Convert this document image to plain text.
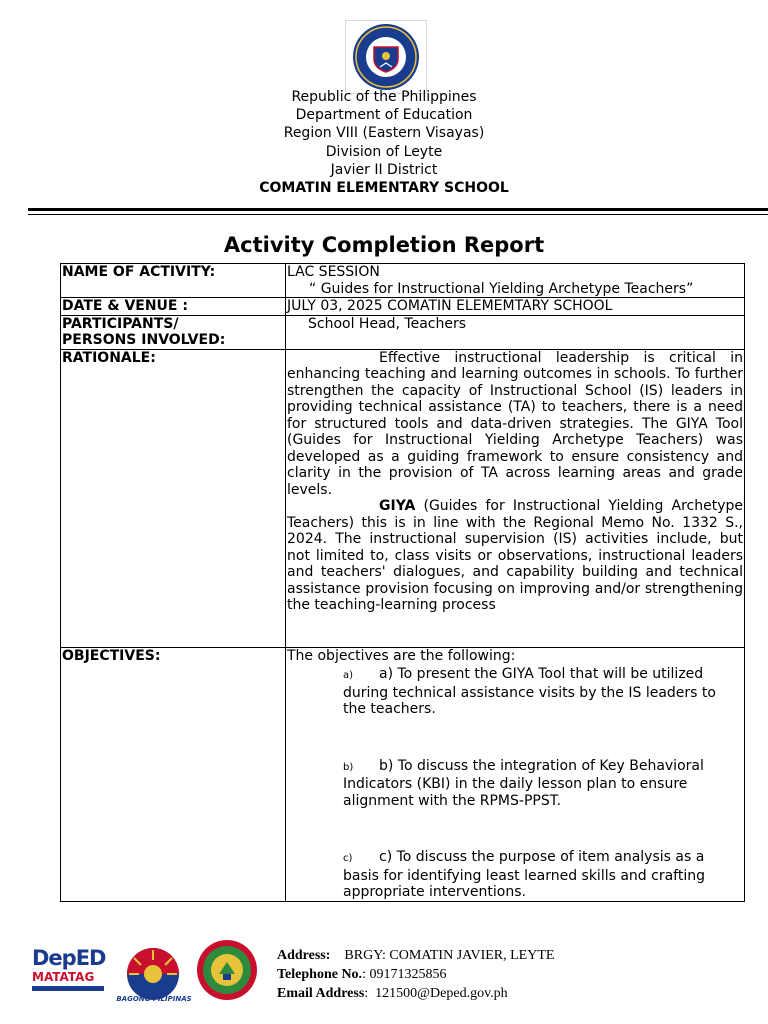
Republic of the Philippines
Department of Education
Region VIII (Eastern Visayas)
Division of Leyte
Javier II District
COMATIN ELEMENTARY SCHOOL
Activity Completion Report
NAME OF ACTIVITY:	LAC SESSION
“ Guides for Instructional Yielding Archetype Teachers”

DATE & VENUE :	JULY 03, 2025 COMATIN ELEMEMTARY SCHOOL

PARTICIPANTS/
PERSONS INVOLVED:	School Head, Teachers
RATIONALE:	Effective instructional leadership is critical in enhancing teaching and learning outcomes in schools. To further strengthen the capacity of Instructional School (IS) leaders in providing technical assistance (TA) to teachers, there is a need for structured tools and data-driven strategies. The GIYA Tool (Guides for Instructional Yielding Archetype Teachers) was developed as a guiding framework to ensure consistency and clarity in the provision of TA across learning areas and grade levels.
GIYA (Guides for Instructional Yielding Archetype Teachers) this is in line with the Regional Memo No. 1332 S., 2024. The instructional supervision (IS) activities include, but not limited to, class visits or observations, instructional leaders and teachers' dialogues, and capability building and technical assistance provision focusing on improving and/or strengthening the teaching-learning process

OBJECTIVES:	The objectives are the following:
a) a) To present the GIYA Tool that will be utilized during technical assistance visits by the IS leaders to the teachers.
b) b) To discuss the integration of Key Behavioral Indicators (KBI) in the daily lesson plan to ensure alignment with the RPMS-PPST.
c) c) To discuss the purpose of item analysis as a basis for identifying least learned skills and crafting appropriate interventions.
DepED
MATATAG
BAGONG PILIPINAS
Address: BRGY: COMATIN JAVIER, LEYTE
Telephone No.: 09171325856
Email Address:  121500@Deped.gov.ph
